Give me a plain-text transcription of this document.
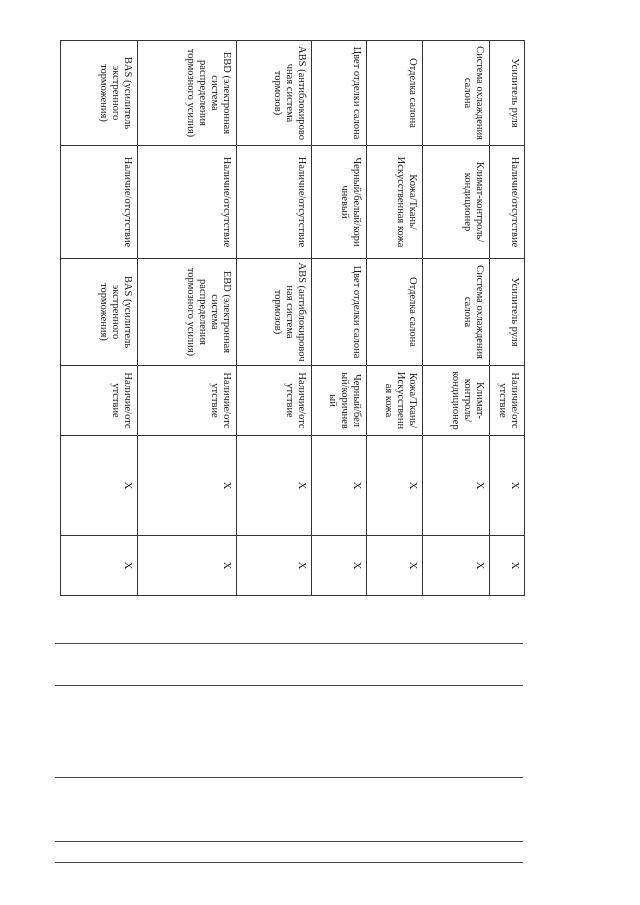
Усилитель руля	Наличие/отсутствие	Усилитель руля	Наличие/отс утствие	X	X
Система охлаждения салона	Климат-контроль/ кондиционер	Система охлаждения салона	Климат-контроль/ кондиционер	X	X
Отделка салона	Кожа/Ткань/ Искусственная кожа	Отделка салона	Кожа/Ткань/ Искусственн ая кожа	X	X
Цвет отделки салона	Черный/белый/кори чневый	Цвет отделки салона	Черный/бел ый/коричнев ый	X	X
ABS (антиблокирово чная система тормозов)	Наличие/отсутствие	ABS (антиблокировоч ная система тормозов)	Наличие/отс утствие	X	X
EBD (электронная система распределения тормозного усилия)	Наличие/отсутствие	EBD (электронная система распределения тормозного усилия)	Наличие/отс утствие	X	X
BAS (усилитель экстренного торможения)	Наличие/отсутствие	BAS (усилитель экстренного торможения)	Наличие/отс утствие	X	X
